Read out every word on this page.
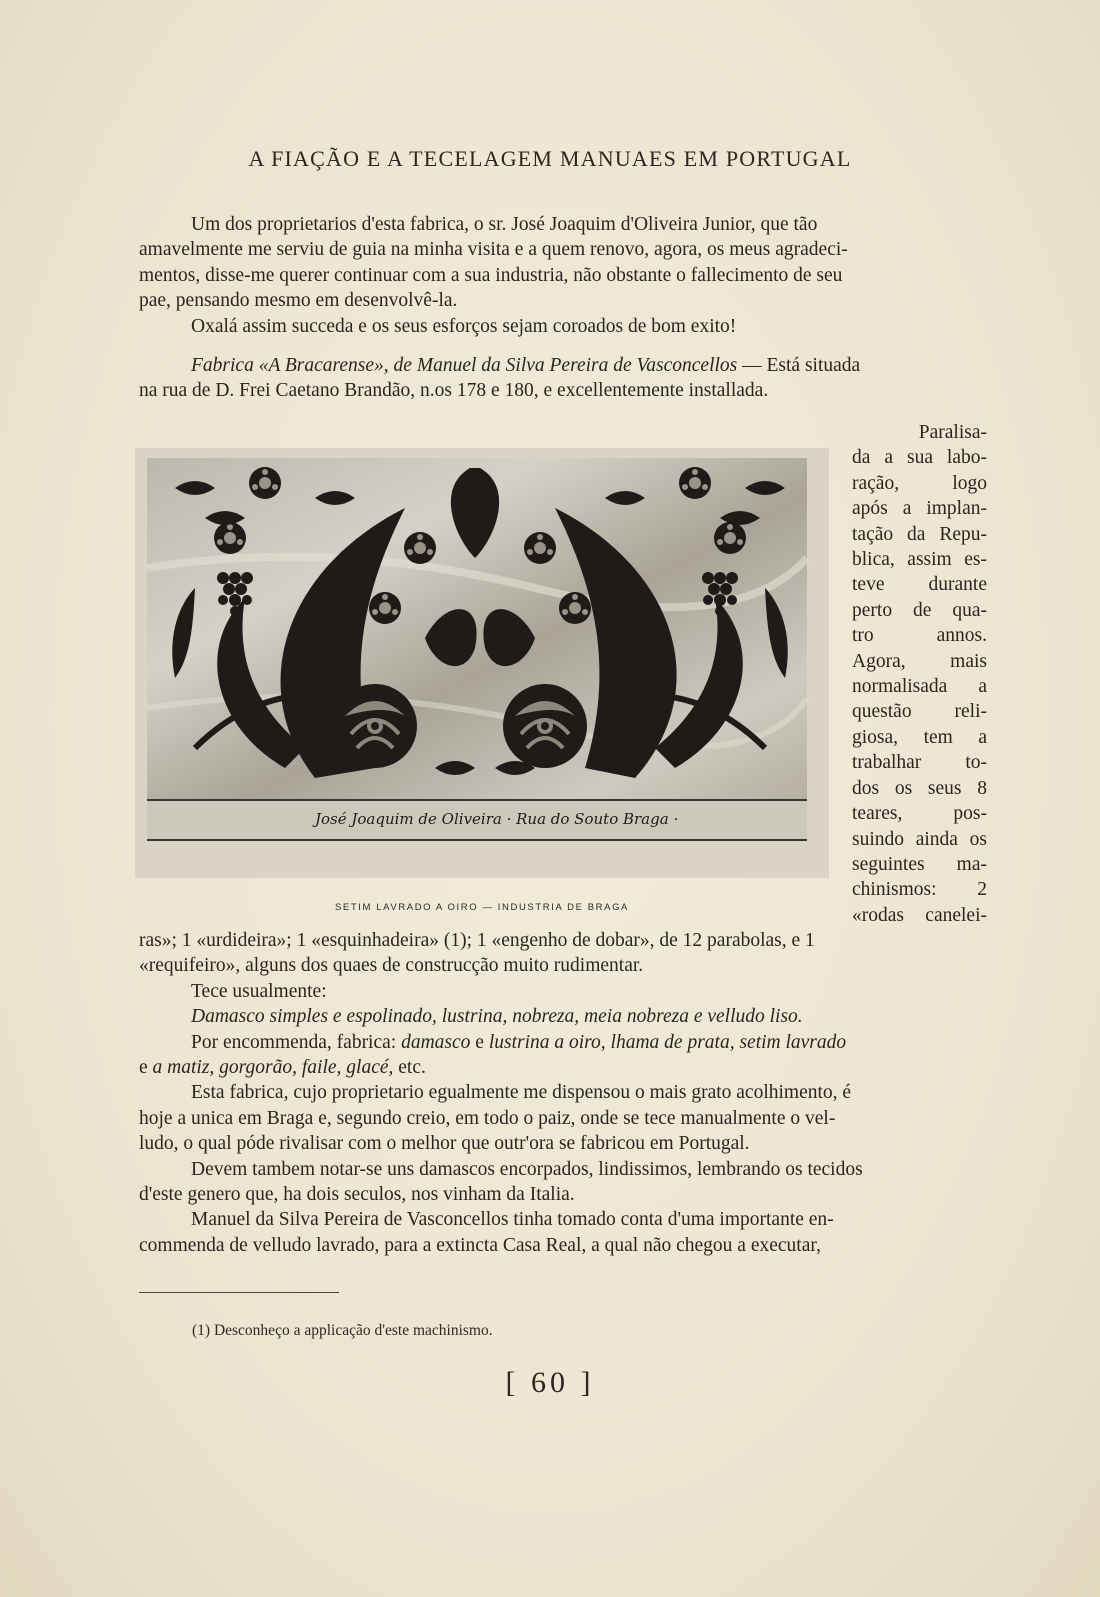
A FIAÇÃO E A TECELAGEM MANUAES EM PORTUGAL

Um dos proprietarios d'esta fabrica, o sr. José Joaquim d'Oliveira Junior, que tão

amavelmente me serviu de guia na minha visita e a quem renovo, agora, os meus agradeci-

mentos, disse-me querer continuar com a sua industria, não obstante o fallecimento de seu

pae, pensando mesmo em desenvolvê-la.

Oxalá assim succeda e os seus esforços sejam coroados de bom exito!

Fabrica «A Bracarense», de Manuel da Silva Pereira de Vasconcellos — Está situada

na rua de D. Frei Caetano Brandão, n.os 178 e 180, e excellentemente installada.

José Joaquim de Oliveira · Rua do Souto Braga ·
SETIM LAVRADO A OIRO — INDUSTRIA DE BRAGA
Paralisa-
da a sua labo-
ração, logo
após a implan-
tação da Repu-
blica, assim es-
teve durante
perto de qua-
tro annos.
Agora, mais
normalisada a
questão reli-
giosa, tem a
trabalhar to-
dos os seus 8
teares, pos-
suindo ainda os
seguintes ma-
chinismos: 2
«rodas canelei-

ras»; 1 «urdideira»; 1 «esquinhadeira» (1); 1 «engenho de dobar», de 12 parabolas, e 1

«requifeiro», alguns dos quaes de construcção muito rudimentar.

Tece usualmente:

Damasco simples e espolinado, lustrina, nobreza, meia nobreza e velludo liso.

Por encommenda, fabrica: damasco e lustrina a oiro, lhama de prata, setim lavrado

e a matiz, gorgorão, faile, glacé, etc.

Esta fabrica, cujo proprietario egualmente me dispensou o mais grato acolhimento, é

hoje a unica em Braga e, segundo creio, em todo o paiz, onde se tece manualmente o vel-

ludo, o qual póde rivalisar com o melhor que outr'ora se fabricou em Portugal.

Devem tambem notar-se uns damascos encorpados, lindissimos, lembrando os tecidos

d'este genero que, ha dois seculos, nos vinham da Italia.

Manuel da Silva Pereira de Vasconcellos tinha tomado conta d'uma importante en-

commenda de velludo lavrado, para a extincta Casa Real, a qual não chegou a executar,

(1) Desconheço a applicação d'este machinismo.
[ 60 ]
